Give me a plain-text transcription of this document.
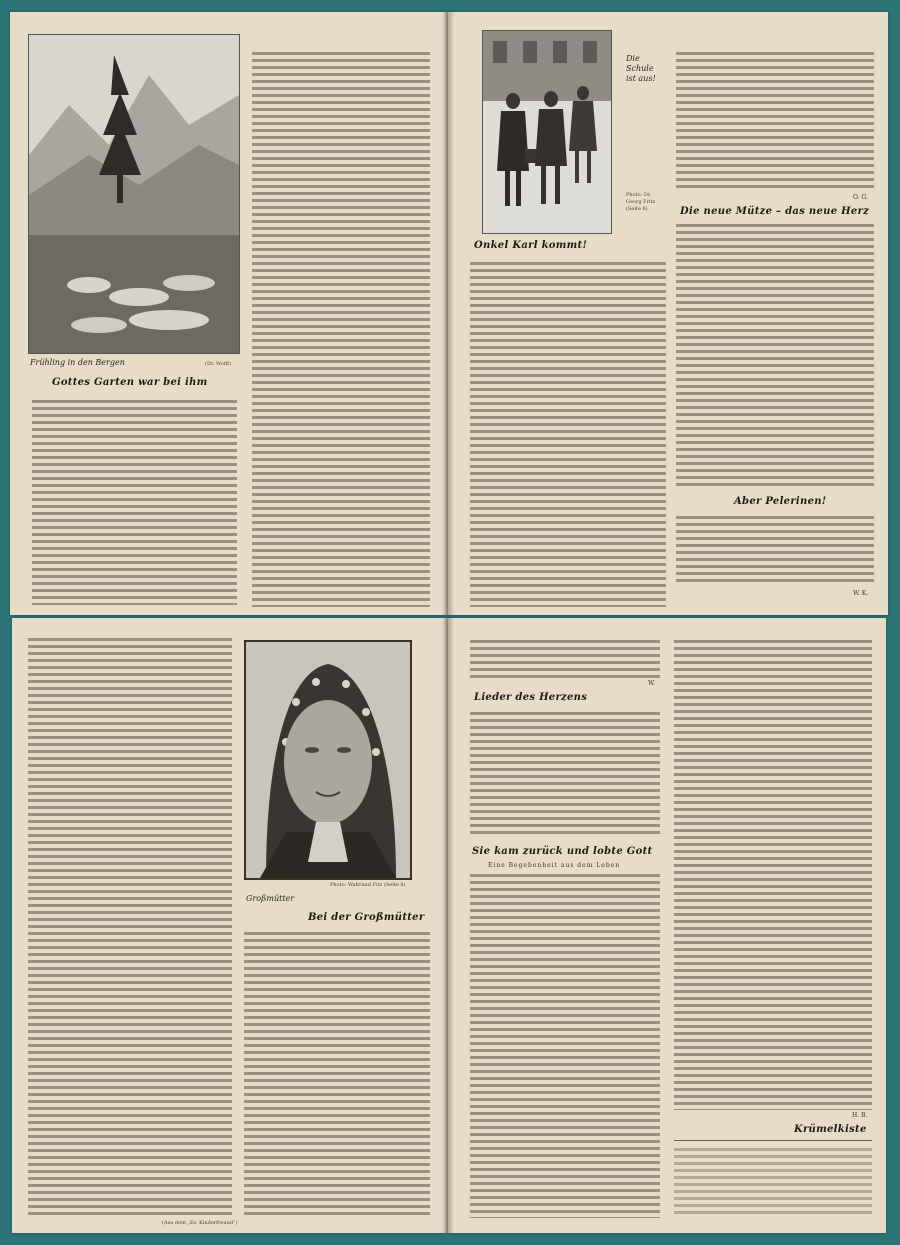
Frühling in den Bergen	(Dr. Wolff)

Gottes Garten war bei ihm

Die
Schule
ist aus!

Photo: Dr. Georg Fritz (Seite 6)

Onkel Karl kommt!

O. G.

Die neue Mütze – das neue Herz
Aber Pelerinen!

W. K.

Photo: Waltraud Fitz (Seite 8)

Großmütter

Bei der Großmütter

(Aus dem „Ev. Kinderfreund“)

W.

Lieder des Herzens
Sie kam zurück und lobte Gott

Eine Begebenheit aus dem Leben

H. B.

Krümelkiste
